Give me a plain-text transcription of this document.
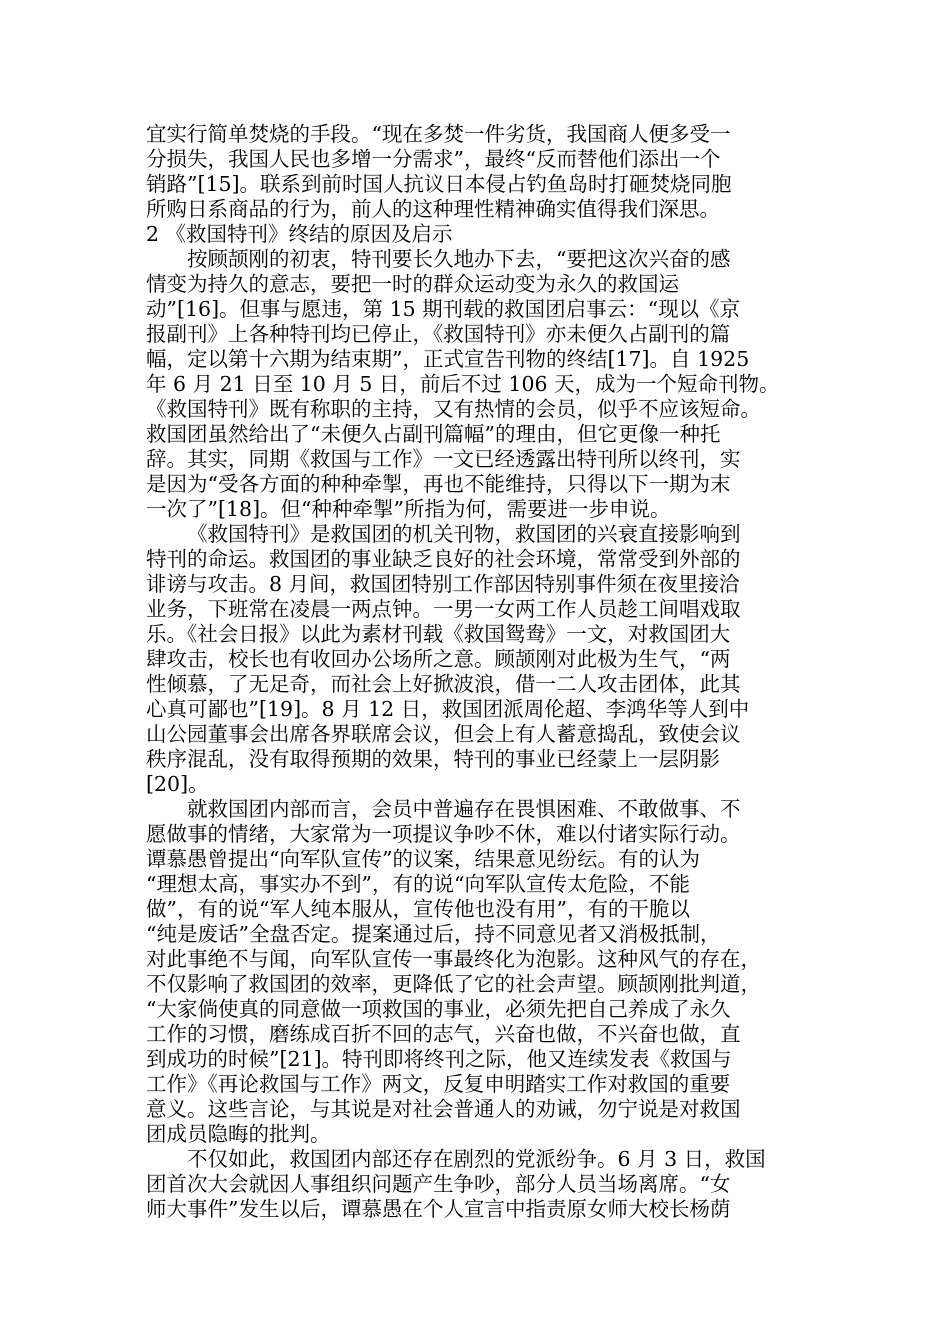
宜实行简单焚烧的手段。“现在多焚一件劣货，我国商人便多受一
分损失，我国人民也多增一分需求”，最终“反而替他们添出一个
销路”[15]。联系到前时国人抗议日本侵占钓鱼岛时打砸焚烧同胞
所购日系商品的行为，前人的这种理性精神确实值得我们深思。
2 《救国特刊》终结的原因及启示
按顾颉刚的初衷，特刊要长久地办下去，“要把这次兴奋的感
情变为持久的意志，要把一时的群众运动变为永久的救国运
动”[16]。但事与愿违，第 15 期刊载的救国团启事云：“现以《京
报副刊》上各种特刊均已停止，《救国特刊》亦未便久占副刊的篇
幅，定以第十六期为结束期”，正式宣告刊物的终结[17]。自 1925
年 6 月 21 日至 10 月 5 日，前后不过 106 天，成为一个短命刊物。
《救国特刊》既有称职的主持，又有热情的会员，似乎不应该短命。
救国团虽然给出了“未便久占副刊篇幅”的理由，但它更像一种托
辞。其实，同期《救国与工作》一文已经透露出特刊所以终刊，实
是因为“受各方面的种种牵掣，再也不能维持，只得以下一期为末
一次了”[18]。但“种种牵掣”所指为何，需要进一步申说。
《救国特刊》是救国团的机关刊物，救国团的兴衰直接影响到
特刊的命运。救国团的事业缺乏良好的社会环境，常常受到外部的
诽谤与攻击。8 月间，救国团特别工作部因特别事件须在夜里接洽
业务，下班常在凌晨一两点钟。一男一女两工作人员趁工间唱戏取
乐。《社会日报》以此为素材刊载《救国鸳鸯》一文，对救国团大
肆攻击，校长也有收回办公场所之意。顾颉刚对此极为生气，“两
性倾慕，了无足奇，而社会上好掀波浪，借一二人攻击团体，此其
心真可鄙也”[19]。8 月 12 日，救国团派周伦超、李鸿华等人到中
山公园董事会出席各界联席会议，但会上有人蓄意捣乱，致使会议
秩序混乱，没有取得预期的效果，特刊的事业已经蒙上一层阴影
[20]。
就救国团内部而言，会员中普遍存在畏惧困难、不敢做事、不
愿做事的情绪，大家常为一项提议争吵不休，难以付诸实际行动。
谭慕愚曾提出“向军队宣传”的议案，结果意见纷纭。有的认为
“理想太高，事实办不到”，有的说“向军队宣传太危险，不能
做”，有的说“军人纯本服从，宣传他也没有用”，有的干脆以
“纯是废话”全盘否定。提案通过后，持不同意见者又消极抵制，
对此事绝不与闻，向军队宣传一事最终化为泡影。这种风气的存在，
不仅影响了救国团的效率，更降低了它的社会声望。顾颉刚批判道，
“大家倘使真的同意做一项救国的事业，必须先把自己养成了永久
工作的习惯，磨练成百折不回的志气，兴奋也做，不兴奋也做，直
到成功的时候”[21]。特刊即将终刊之际，他又连续发表《救国与
工作》《再论救国与工作》两文，反复申明踏实工作对救国的重要
意义。这些言论，与其说是对社会普通人的劝诫，勿宁说是对救国
团成员隐晦的批判。
不仅如此，救国团内部还存在剧烈的党派纷争。6 月 3 日，救国
团首次大会就因人事组织问题产生争吵，部分人员当场离席。“女
师大事件”发生以后，谭慕愚在个人宣言中指责原女师大校长杨荫
